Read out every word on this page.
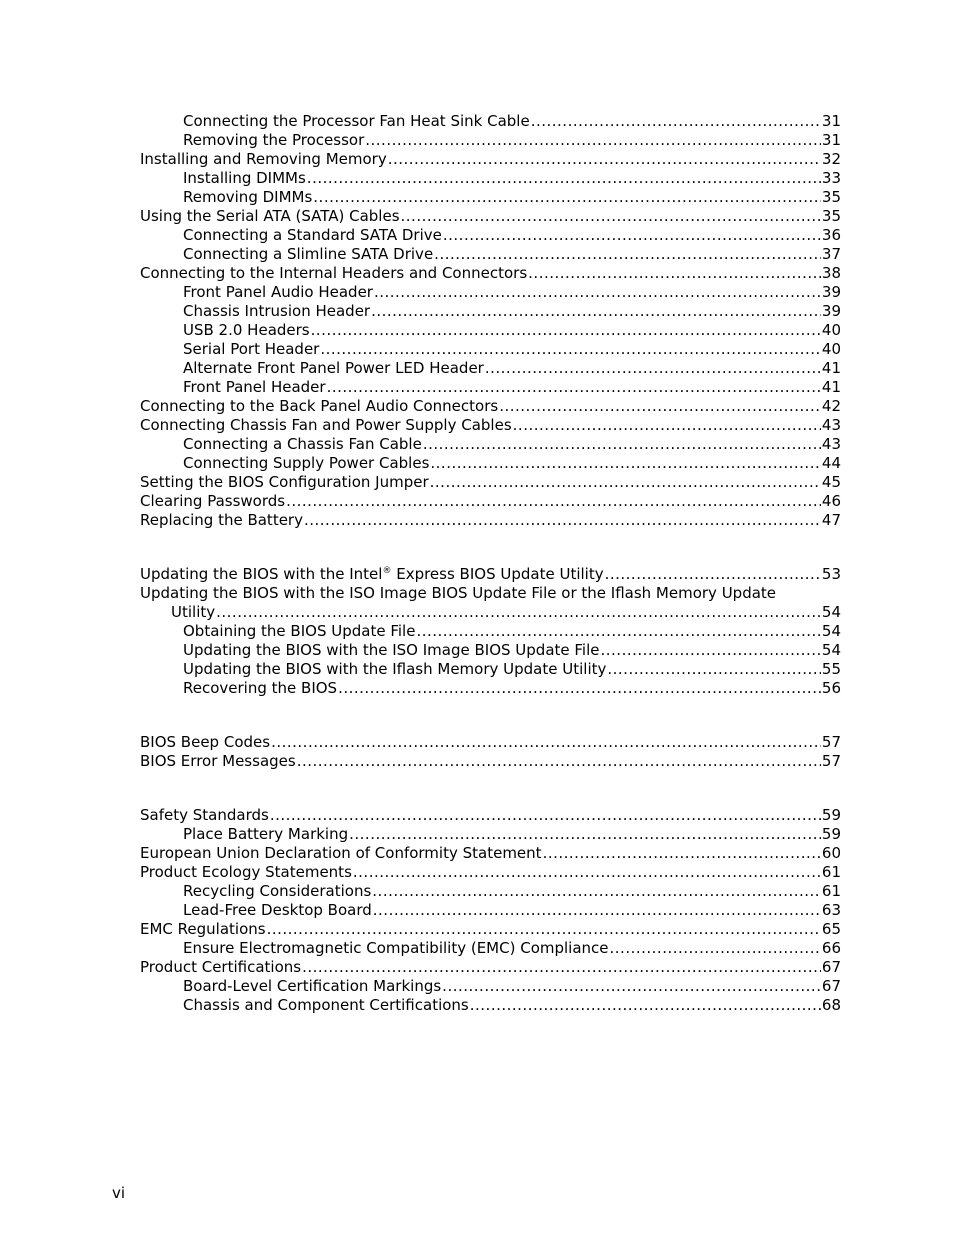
Connecting the Processor Fan Heat Sink Cable .....	31
Removing the Processor .....	31
Installing and Removing Memory .....	32
Installing DIMMs .....	33
Removing DIMMs .....	35
Using the Serial ATA (SATA) Cables .....	35
Connecting a Standard SATA Drive .....	36
Connecting a Slimline SATA Drive .....	37
Connecting to the Internal Headers and Connectors .....	38
Front Panel Audio Header .....	39
Chassis Intrusion Header .....	39
USB 2.0 Headers .....	40
Serial Port Header .....	40
Alternate Front Panel Power LED Header .....	41
Front Panel Header .....	41
Connecting to the Back Panel Audio Connectors .....	42
Connecting Chassis Fan and Power Supply Cables .....	43
Connecting a Chassis Fan Cable .....	43
Connecting Supply Power Cables .....	44
Setting the BIOS Configuration Jumper .....	45
Clearing Passwords .....	46
Replacing the Battery .....	47
Updating the BIOS with the Intel® Express BIOS Update Utility .....	53
Updating the BIOS with the ISO Image BIOS Update File or the Iflash Memory Update
Utility .....	54
Obtaining the BIOS Update File .....	54
Updating the BIOS with the ISO Image BIOS Update File .....	54
Updating the BIOS with the Iflash Memory Update Utility .....	55
Recovering the BIOS .....	56
BIOS Beep Codes .....	57
BIOS Error Messages .....	57
Safety Standards .....	59
Place Battery Marking .....	59
European Union Declaration of Conformity Statement .....	60
Product Ecology Statements .....	61
Recycling Considerations .....	61
Lead-Free Desktop Board .....	63
EMC Regulations .....	65
Ensure Electromagnetic Compatibility (EMC) Compliance .....	66
Product Certifications .....	67
Board-Level Certification Markings .....	67
Chassis and Component Certifications .....	68
vi
